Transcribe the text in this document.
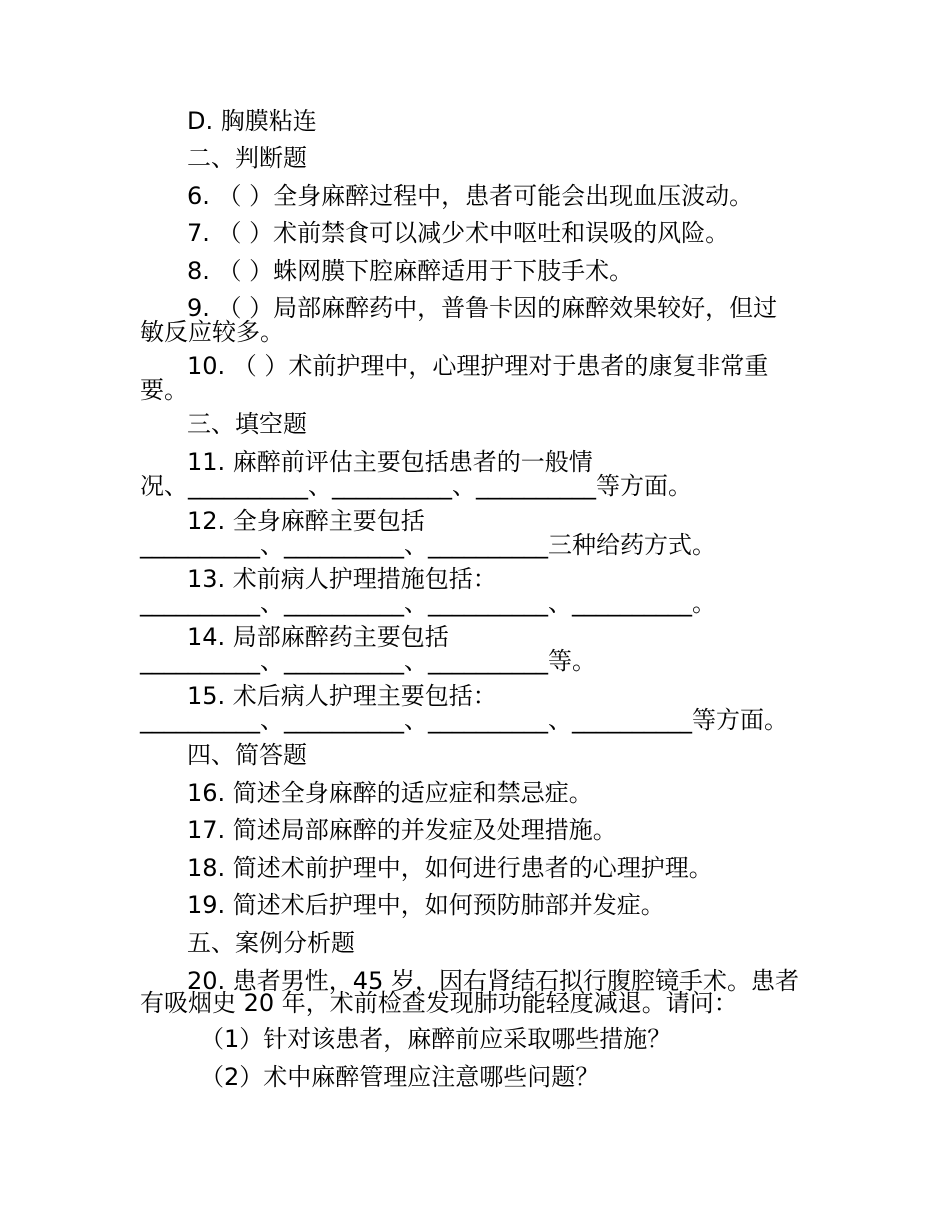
D. 胸膜粘连
二、判断题
6. （ ）全身麻醉过程中，患者可能会出现血压波动。
7. （ ）术前禁食可以减少术中呕吐和误吸的风险。
8. （ ）蛛网膜下腔麻醉适用于下肢手术。
9. （ ）局部麻醉药中，普鲁卡因的麻醉效果较好，但过
敏反应较多。
10. （ ）术前护理中，心理护理对于患者的康复非常重
要。
三、填空题
11. 麻醉前评估主要包括患者的一般情
况、__________、__________、__________等方面。
12. 全身麻醉主要包括
__________、__________、__________三种给药方式。
13. 术前病人护理措施包括：
__________、__________、__________、__________。
14. 局部麻醉药主要包括
__________、__________、__________等。
15. 术后病人护理主要包括：
__________、__________、__________、__________等方面。
四、简答题
16. 简述全身麻醉的适应症和禁忌症。
17. 简述局部麻醉的并发症及处理措施。
18. 简述术前护理中，如何进行患者的心理护理。
19. 简述术后护理中，如何预防肺部并发症。
五、案例分析题
20. 患者男性，45 岁，因右肾结石拟行腹腔镜手术。患者
有吸烟史 20 年，术前检查发现肺功能轻度减退。请问：
（1）针对该患者，麻醉前应采取哪些措施？
（2）术中麻醉管理应注意哪些问题？
